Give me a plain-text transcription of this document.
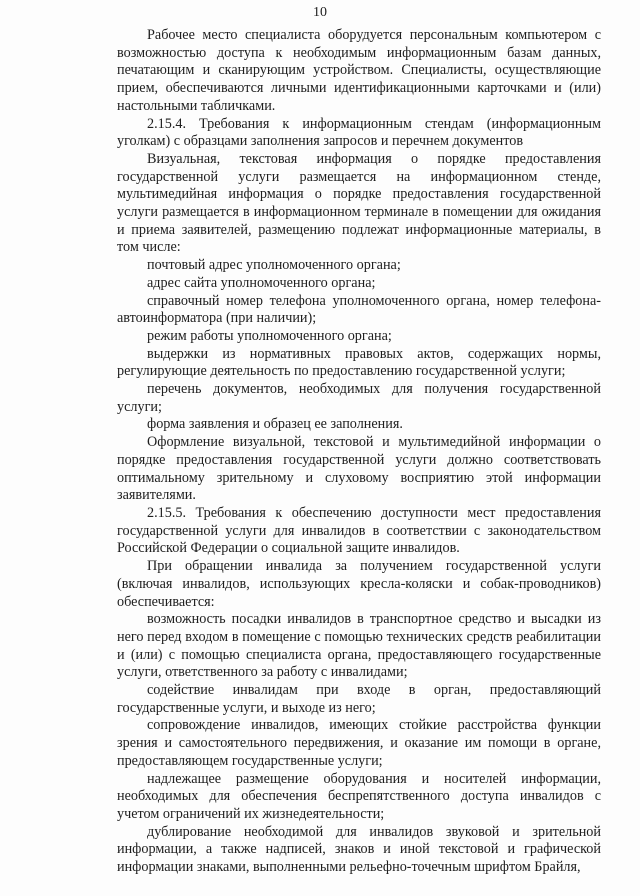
10

Рабочее место специалиста оборудуется персональным компьютером с возможностью доступа к необходимым информационным базам данных, печатающим и сканирующим устройством. Специалисты, осуществляющие прием, обеспечиваются личными идентификационными карточками и (или) настольными табличками.

2.15.4. Требования к информационным стендам (информационным уголкам) с образцами заполнения запросов и перечнем документов

Визуальная, текстовая информация о порядке предоставления государственной услуги размещается на информационном стенде, мультимедийная информация о порядке предоставления государственной услуги размещается в информационном терминале в помещении для ожидания и приема заявителей, размещению подлежат информационные материалы, в том числе:

почтовый адрес уполномоченного органа;

адрес сайта уполномоченного органа;

справочный номер телефона уполномоченного органа, номер телефона-автоинформатора (при наличии);

режим работы уполномоченного органа;

выдержки из нормативных правовых актов, содержащих нормы, регулирующие деятельность по предоставлению государственной услуги;

перечень документов, необходимых для получения государственной услуги;

форма заявления и образец ее заполнения.

Оформление визуальной, текстовой и мультимедийной информации о порядке предоставления государственной услуги должно соответствовать оптимальному зрительному и слуховому восприятию этой информации заявителями.

2.15.5. Требования к обеспечению доступности мест предоставления государственной услуги для инвалидов в соответствии с законодательством Российской Федерации о социальной защите инвалидов.

При обращении инвалида за получением государственной услуги (включая инвалидов, использующих кресла-коляски и собак-проводников) обеспечивается:

возможность посадки инвалидов в транспортное средство и высадки из него перед входом в помещение с помощью технических средств реабилитации и (или) с помощью специалиста органа, предоставляющего государственные услуги, ответственного за работу с инвалидами;

содействие инвалидам при входе в орган, предоставляющий государственные услуги, и выходе из него;

сопровождение инвалидов, имеющих стойкие расстройства функции зрения и самостоятельного передвижения, и оказание им помощи в органе, предоставляющем государственные услуги;

надлежащее размещение оборудования и носителей информации, необходимых для обеспечения беспрепятственного доступа инвалидов с учетом ограничений их жизнедеятельности;

дублирование необходимой для инвалидов звуковой и зрительной информации, а также надписей, знаков и иной текстовой и графической информации знаками, выполненными рельефно-точечным шрифтом Брайля,
